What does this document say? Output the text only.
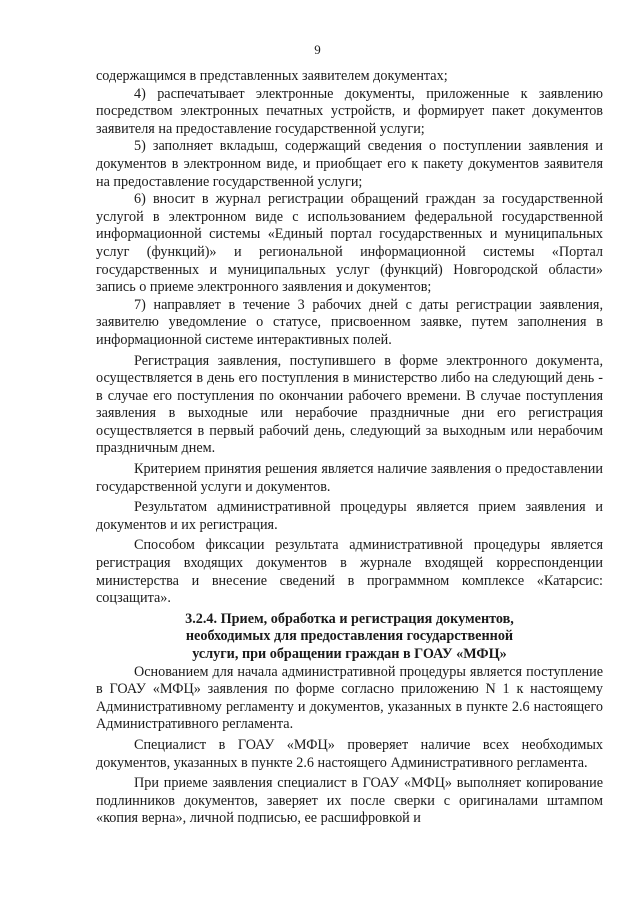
9

содержащимся в представленных заявителем документах;

4) распечатывает электронные документы, приложенные к заявлению посредством электронных печатных устройств, и формирует пакет документов заявителя на предоставление государственной услуги;

5) заполняет вкладыш, содержащий сведения о поступлении заявления и документов в электронном виде, и приобщает его к пакету документов заявителя на предоставление государственной услуги;

6) вносит в журнал регистрации обращений граждан за государственной услугой в электронном виде с использованием федеральной государственной информационной системы «Единый портал государственных и муниципальных услуг (функций)» и региональной информационной системы «Портал государственных и муниципальных услуг (функций) Новгородской области» запись о приеме электронного заявления и документов;

7) направляет в течение 3 рабочих дней с даты регистрации заявления, заявителю уведомление о статусе, присвоенном заявке, путем заполнения в информационной системе интерактивных полей.

Регистрация заявления, поступившего в форме электронного документа, осуществляется в день его поступления в министерство либо на следующий день - в случае его поступления по окончании рабочего времени. В случае поступления заявления в выходные или нерабочие праздничные дни его регистрация осуществляется в первый рабочий день, следующий за выходным или нерабочим праздничным днем.

Критерием принятия решения является наличие заявления о предоставлении государственной услуги и документов.

Результатом административной процедуры является прием заявления и документов и их регистрация.

Способом фиксации результата административной процедуры является регистрация входящих документов в журнале входящей корреспонденции министерства и внесение сведений в программном комплексе «Катарсис: соцзащита».

3.2.4. Прием, обработка и регистрация документов,
необходимых для предоставления государственной
услуги, при обращении граждан в ГОАУ «МФЦ»

Основанием для начала административной процедуры является поступление в ГОАУ «МФЦ» заявления по форме согласно приложению N 1 к настоящему Административному регламенту и документов, указанных в пункте 2.6 настоящего Административного регламента.

Специалист в ГОАУ «МФЦ» проверяет наличие всех необходимых документов, указанных в пункте 2.6 настоящего Административного регламента.

При приеме заявления специалист в ГОАУ «МФЦ» выполняет копирование подлинников документов, заверяет их после сверки с оригиналами штампом «копия верна», личной подписью, ее расшифровкой и
